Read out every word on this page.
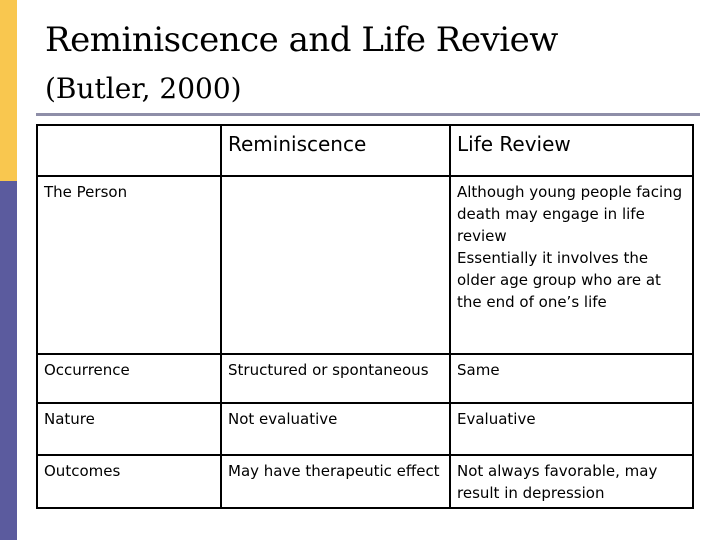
Reminiscence and Life Review
(Butler, 2000)
	Reminiscence	Life Review
The Person		Although young people facing death may engage in life review
Essentially it involves the older age group who are at the end of one’s life

Occurrence	Structured or spontaneous	Same
Nature	Not evaluative	Evaluative
Outcomes	May have therapeutic effect	Not always favorable, may result in depression
